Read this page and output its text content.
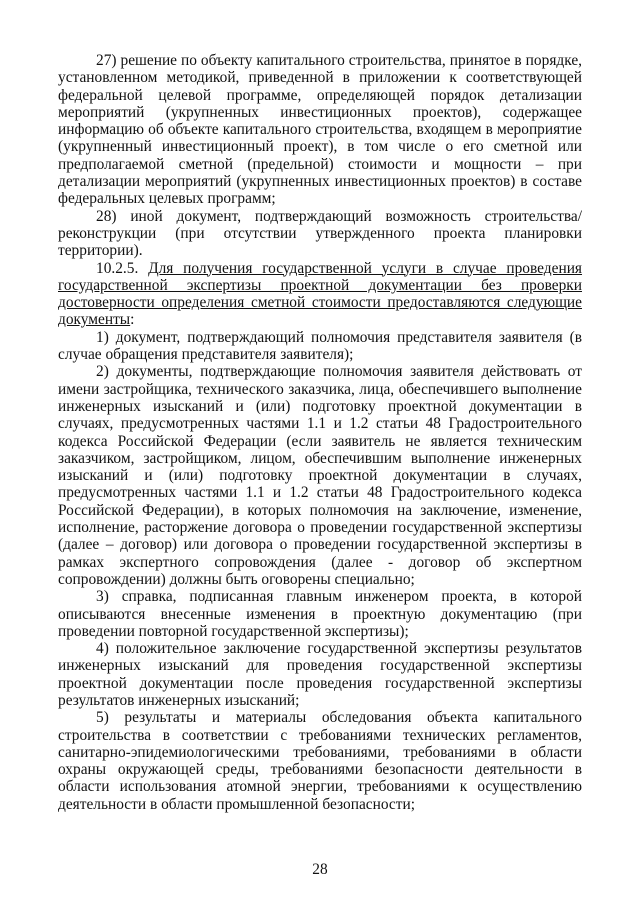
27) решение по объекту капитального строительства, принятое в порядке, установленном методикой, приведенной в приложении к соответствующей федеральной целевой программе, определяющей порядок детализации мероприятий (укрупненных инвестиционных проектов), содержащее информацию об объекте капитального строительства, входящем в мероприятие (укрупненный инвестиционный проект), в том числе о его сметной или предполагаемой сметной (предельной) стоимости и мощности – при детализации мероприятий (укрупненных инвестиционных проектов) в составе федеральных целевых программ;

28) иной документ, подтверждающий возможность строительства/реконструкции (при отсутствии утвержденного проекта планировки территории).

10.2.5. Для получения государственной услуги в случае проведения государственной экспертизы проектной документации без проверки достоверности определения сметной стоимости предоставляются следующие документы:

1) документ, подтверждающий полномочия представителя заявителя (в случае обращения представителя заявителя);

2) документы, подтверждающие полномочия заявителя действовать от имени застройщика, технического заказчика, лица, обеспечившего выполнение инженерных изысканий и (или) подготовку проектной документации в случаях, предусмотренных частями 1.1 и 1.2 статьи 48 Градостроительного кодекса Российской Федерации (если заявитель не является техническим заказчиком, застройщиком, лицом, обеспечившим выполнение инженерных изысканий и (или) подготовку проектной документации в случаях, предусмотренных частями 1.1 и 1.2 статьи 48 Градостроительного кодекса Российской Федерации), в которых полномочия на заключение, изменение, исполнение, расторжение договора о проведении государственной экспертизы (далее – договор) или договора о проведении государственной экспертизы в рамках экспертного сопровождения (далее - договор об экспертном сопровождении) должны быть оговорены специально;

3) справка, подписанная главным инженером проекта, в которой описываются внесенные изменения в проектную документацию (при проведении повторной государственной экспертизы);

4) положительное заключение государственной экспертизы результатов инженерных изысканий для проведения государственной экспертизы проектной документации после проведения государственной экспертизы результатов инженерных изысканий;

5) результаты и материалы обследования объекта капитального строительства в соответствии с требованиями технических регламентов, санитарно-эпидемиологическими требованиями, требованиями в области охраны окружающей среды, требованиями безопасности деятельности в области использования атомной энергии, требованиями к осуществлению деятельности в области промышленной безопасности;

28
